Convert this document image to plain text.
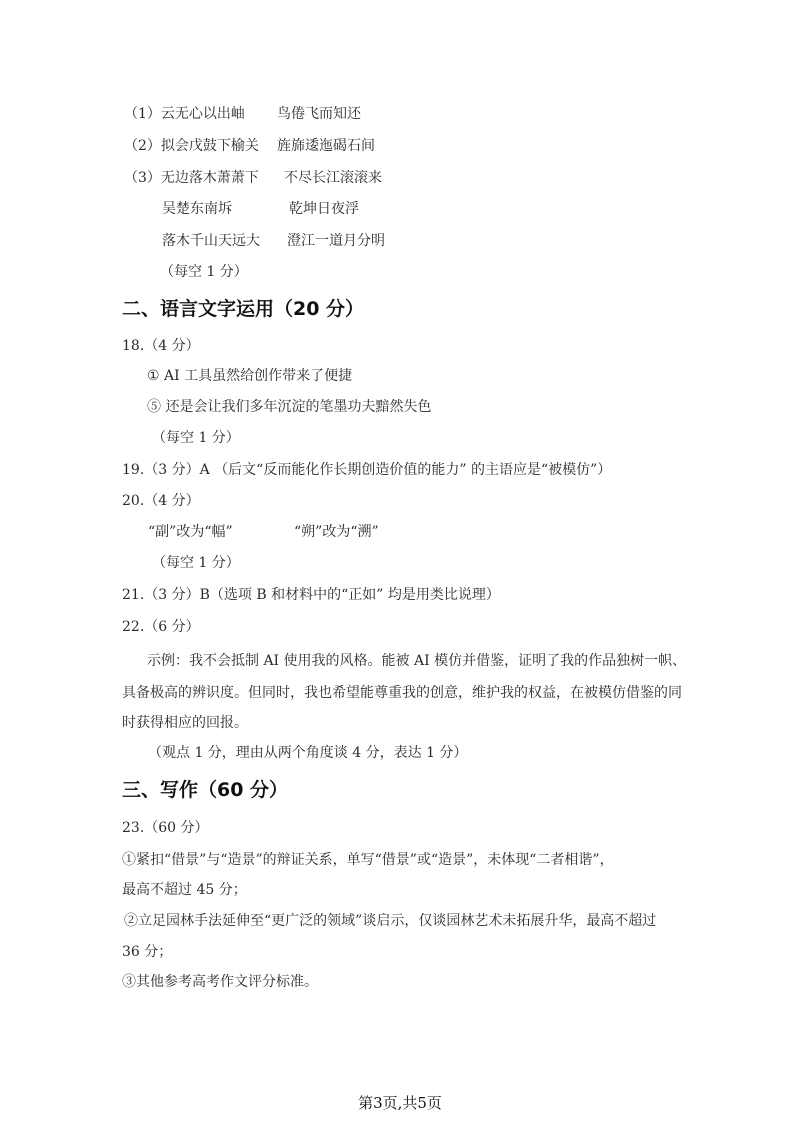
（1）云无心以出岫 鸟倦飞而知还
（2）拟会戊鼓下榆关 旌旆逶迤碣石间
（3）无边落木萧萧下 不尽长江滚滚来
吴楚东南坼	乾坤日夜浮
落木千山天远大 澄江一道月分明
（每空 1 分）
二、语言文字运用（20 分）
18.（4 分）
① AI 工具虽然给创作带来了便捷
⑤ 还是会让我们多年沉淀的笔墨功夫黯然失色
（每空 1 分）
19.（3 分）A （后文“反而能化作长期创造价值的能力” 的主语应是“被模仿”）
20.（4 分）
“副”改为“幅”	“朔”改为“溯”
（每空 1 分）
21.（3 分）B（选项 B 和材料中的“正如” 均是用类比说理）
22.（6 分）
示例：我不会抵制 AI 使用我的风格。能被 AI 模仿并借鉴，证明了我的作品独树一帜、
具备极高的辨识度。但同时，我也希望能尊重我的创意，维护我的权益，在被模仿借鉴的同
时获得相应的回报。
（观点 1 分，理由从两个角度谈 4 分，表达 1 分）
三、写作（60 分）
23.（60 分）
①紧扣“借景”与“造景”的辩证关系，单写“借景”或“造景”，未体现“二者相谐”，
最高不超过 45 分；
②立足园林手法延伸至“更广泛的领域”谈启示，仅谈园林艺术未拓展升华，最高不超过
36 分；
③其他参考高考作文评分标准。
第3页,共5页
